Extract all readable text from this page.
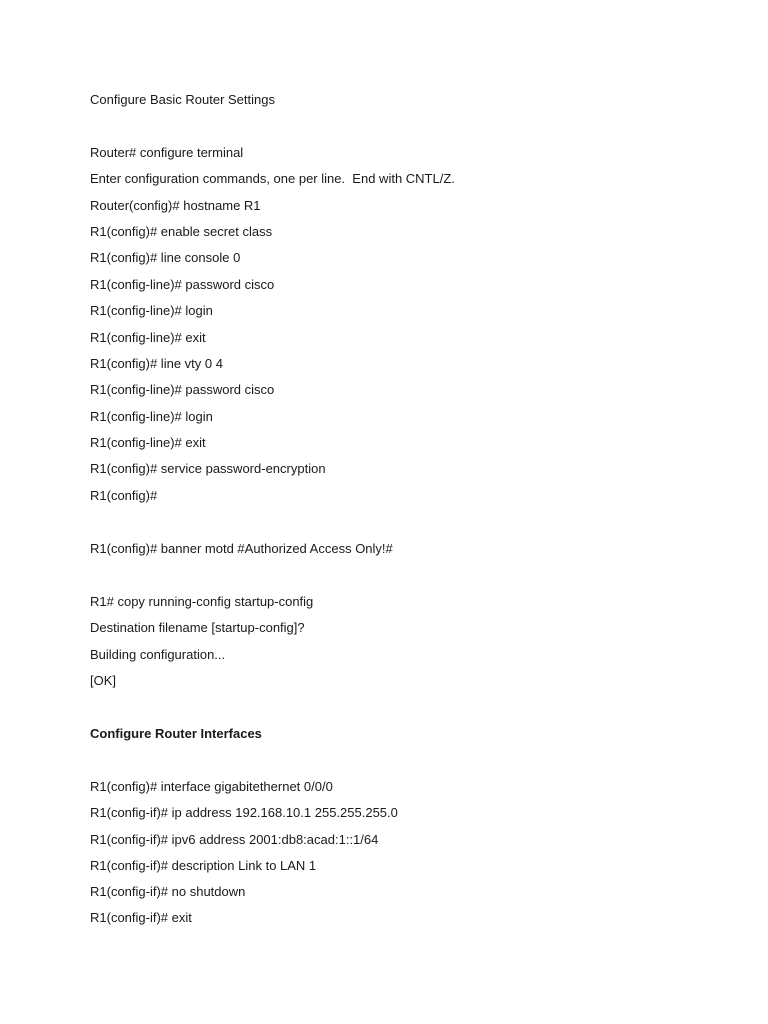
Configure Basic Router Settings
Router# configure terminal
Enter configuration commands, one per line.  End with CNTL/Z.
Router(config)# hostname R1
R1(config)# enable secret class
R1(config)# line console 0
R1(config-line)# password cisco
R1(config-line)# login
R1(config-line)# exit
R1(config)# line vty 0 4
R1(config-line)# password cisco
R1(config-line)# login
R1(config-line)# exit
R1(config)# service password-encryption
R1(config)#
R1(config)# banner motd #Authorized Access Only!#
R1# copy running-config startup-config
Destination filename [startup-config]?
Building configuration...
[OK]
Configure Router Interfaces
R1(config)# interface gigabitethernet 0/0/0
R1(config-if)# ip address 192.168.10.1 255.255.255.0
R1(config-if)# ipv6 address 2001:db8:acad:1::1/64
R1(config-if)# description Link to LAN 1
R1(config-if)# no shutdown
R1(config-if)# exit
